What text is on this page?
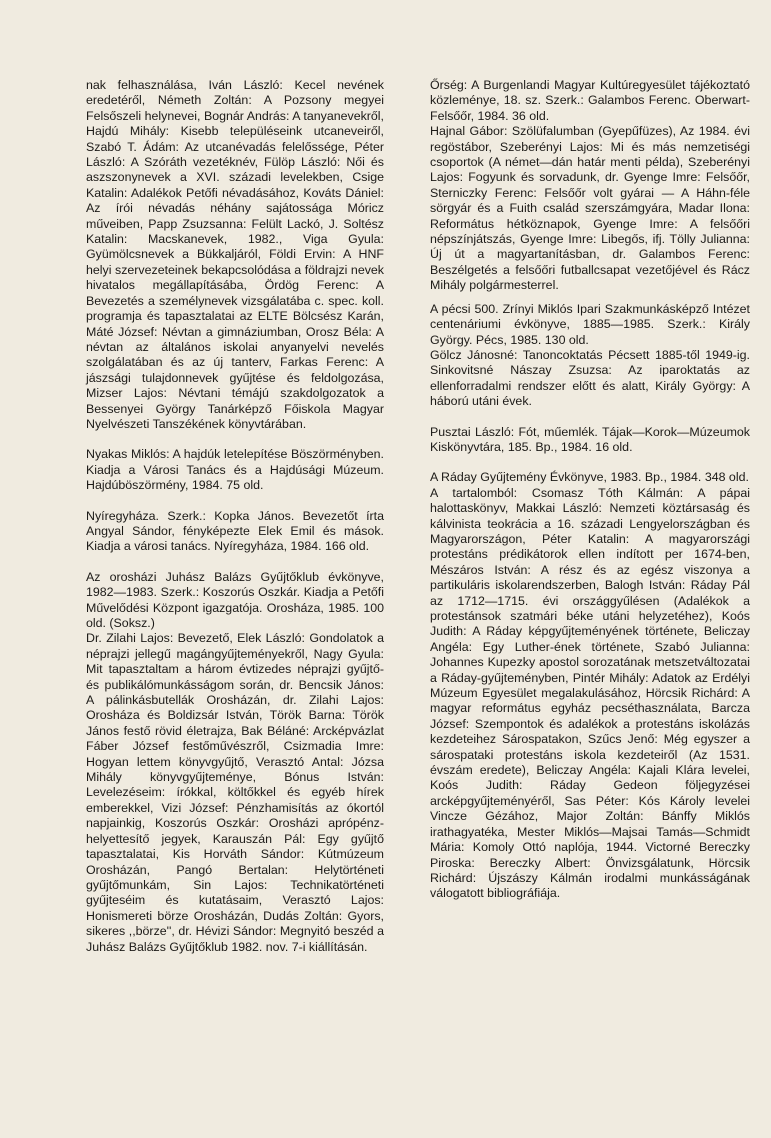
nak felhasználása, Iván László: Kecel nevének eredetéről, Németh Zoltán: A Pozsony megyei Felsőszeli helynevei, Bognár András: A tanyanevekről, Hajdú Mihály: Kisebb településeink utcaneveiről, Szabó T. Ádám: Az utcanévadás felelőssége, Péter László: A Szóráth vezetéknév, Fülöp László: Női és aszszonynevek a XVI. századi levelekben, Csige Katalin: Adalékok Petőfi névadásához, Kováts Dániel: Az írói névadás néhány sajátossága Móricz műveiben, Papp Zsuzsanna: Felült Lackó, J. Soltész Katalin: Macskanevek, 1982., Viga Gyula: Gyümölcsnevek a Bükkaljáról, Földi Ervin: A HNF helyi szervezeteinek bekapcsolódása a földrajzi nevek hivatalos megállapításába, Ördög Ferenc: A Bevezetés a személynevek vizsgálatába c. spec. koll. programja és tapasztalatai az ELTE Bölcsész Karán, Máté József: Névtan a gimnáziumban, Orosz Béla: A névtan az általános iskolai anyanyelvi nevelés szolgálatában és az új tanterv, Farkas Ferenc: A jászsági tulajdonnevek gyűjtése és feldolgozása, Mizser Lajos: Névtani témájú szakdolgozatok a Bessenyei György Tanárképző Főiskola Magyar Nyelvészeti Tanszékének könyvtárában.

Nyakas Miklós: A hajdúk letelepítése Böszörményben. Kiadja a Városi Tanács és a Hajdúsági Múzeum. Hajdúböszörmény, 1984. 75 old.

Nyíregyháza. Szerk.: Kopka János. Bevezetőt írta Angyal Sándor, fényképezte Elek Emil és mások. Kiadja a városi tanács. Nyíregyháza, 1984. 166 old.

Az orosházi Juhász Balázs Gyűjtőklub évkönyve, 1982—1983. Szerk.: Koszorús Oszkár. Kiadja a Petőfi Művelődési Központ igazgatója. Orosháza, 1985. 100 old. (Soksz.)

Dr. Zilahi Lajos: Bevezető, Elek László: Gondolatok a néprajzi jellegű magángyűjteményekről, Nagy Gyula: Mit tapasztaltam a három évtizedes néprajzi gyűjtő- és publikálómunkásságom során, dr. Bencsik János: A pálinkásbutellák Orosházán, dr. Zilahi Lajos: Orosháza és Boldizsár István, Török Barna: Török János festő rövid életrajza, Bak Béláné: Arcképvázlat Fáber József festőművészről, Csizmadia Imre: Hogyan lettem könyvgyűjtő, Verasztó Antal: Józsa Mihály könyvgyűjteménye, Bónus István: Levelezéseim: írókkal, költőkkel és egyéb hírek emberekkel, Vizi József: Pénzhamisítás az ókortól napjainkig, Koszorús Oszkár: Orosházi aprópénz-helyettesítő jegyek, Karauszán Pál: Egy gyűjtő tapasztalatai, Kis Horváth Sándor: Kútmúzeum Orosházán, Pangó Bertalan: Helytörténeti gyűjtőmunkám, Sin Lajos: Technikatörténeti gyűjteséim és kutatásaim, Verasztó Lajos: Honismereti börze Orosházán, Dudás Zoltán: Gyors, sikeres ,,börze'', dr. Hévizi Sándor: Megnyitó beszéd a Juhász Balázs Gyűjtőklub 1982. nov. 7-i kiállításán.

Őrség: A Burgenlandi Magyar Kultúregyesület tájékoztató közleménye, 18. sz. Szerk.: Galambos Ferenc. Oberwart-Felsőőr, 1984. 36 old.

Hajnal Gábor: Szölüfalumban (Gyepűfüzes), Az 1984. évi regöstábor, Szeberényi Lajos: Mi és más nemzetiségi csoportok (A német—dán határ menti példa), Szeberényi Lajos: Fogyunk és sorvadunk, dr. Gyenge Imre: Felsőőr, Sterniczky Ferenc: Felsőőr volt gyárai — A Háhn-féle sörgyár és a Fuith család szerszámgyára, Madar Ilona: Református hétköznapok, Gyenge Imre: A felsőőri népszínjátszás, Gyenge Imre: Libegős, ifj. Tölly Julianna: Új út a magyartanításban, dr. Galambos Ferenc: Beszélgetés a felsőőri futballcsapat vezetőjével és Rácz Mihály polgármesterrel.

A pécsi 500. Zrínyi Miklós Ipari Szakmunkásképző Intézet centenáriumi évkönyve, 1885—1985. Szerk.: Király György. Pécs, 1985. 130 old.

Gölcz Jánosné: Tanoncoktatás Pécsett 1885-től 1949-ig. Sinkovitsné Nászay Zsuzsa: Az iparoktatás az ellenforradalmi rendszer előtt és alatt, Király György: A háború utáni évek.

Pusztai László: Fót, műemlék. Tájak—Korok—Múzeumok Kiskönyvtára, 185. Bp., 1984. 16 old.

A Ráday Gyűjtemény Évkönyve, 1983. Bp., 1984. 348 old.

A tartalomból: Csomasz Tóth Kálmán: A pápai halottaskönyv, Makkai László: Nemzeti köztársaság és kálvinista teokrácia a 16. századi Lengyelországban és Magyarországon, Péter Katalin: A magyarországi protestáns prédikátorok ellen indított per 1674-ben, Mészáros István: A rész és az egész viszonya a partikuláris iskolarendszerben, Balogh István: Ráday Pál az 1712—1715. évi országgyűlésen (Adalékok a protestánsok szatmári béke utáni helyzetéhez), Koós Judith: A Ráday képgyűjteményének története, Beliczay Angéla: Egy Luther-ének története, Szabó Julianna: Johannes Kupezky apostol sorozatának metszetváltozatai a Ráday-gyűjteményben, Pintér Mihály: Adatok az Erdélyi Múzeum Egyesület megalakulásához, Hörcsik Richárd: A magyar református egyház pecséthasználata, Barcza József: Szempontok és adalékok a protestáns iskolázás kezdeteihez Sárospatakon, Szűcs Jenő: Még egyszer a sárospataki protestáns iskola kezdeteiről (Az 1531. évszám eredete), Beliczay Angéla: Kajali Klára levelei, Koós Judith: Ráday Gedeon följegyzései arcképgyűjteményéről, Sas Péter: Kós Károly levelei Vincze Gézához, Major Zoltán: Bánffy Miklós irathagyatéka, Mester Miklós—Majsai Tamás—Schmidt Mária: Komoly Ottó naplója, 1944. Victorné Bereczky Piroska: Bereczky Albert: Önvizsgálatunk, Hörcsik Richárd: Újszászy Kálmán irodalmi munkásságának válogatott bibliográfiája.
